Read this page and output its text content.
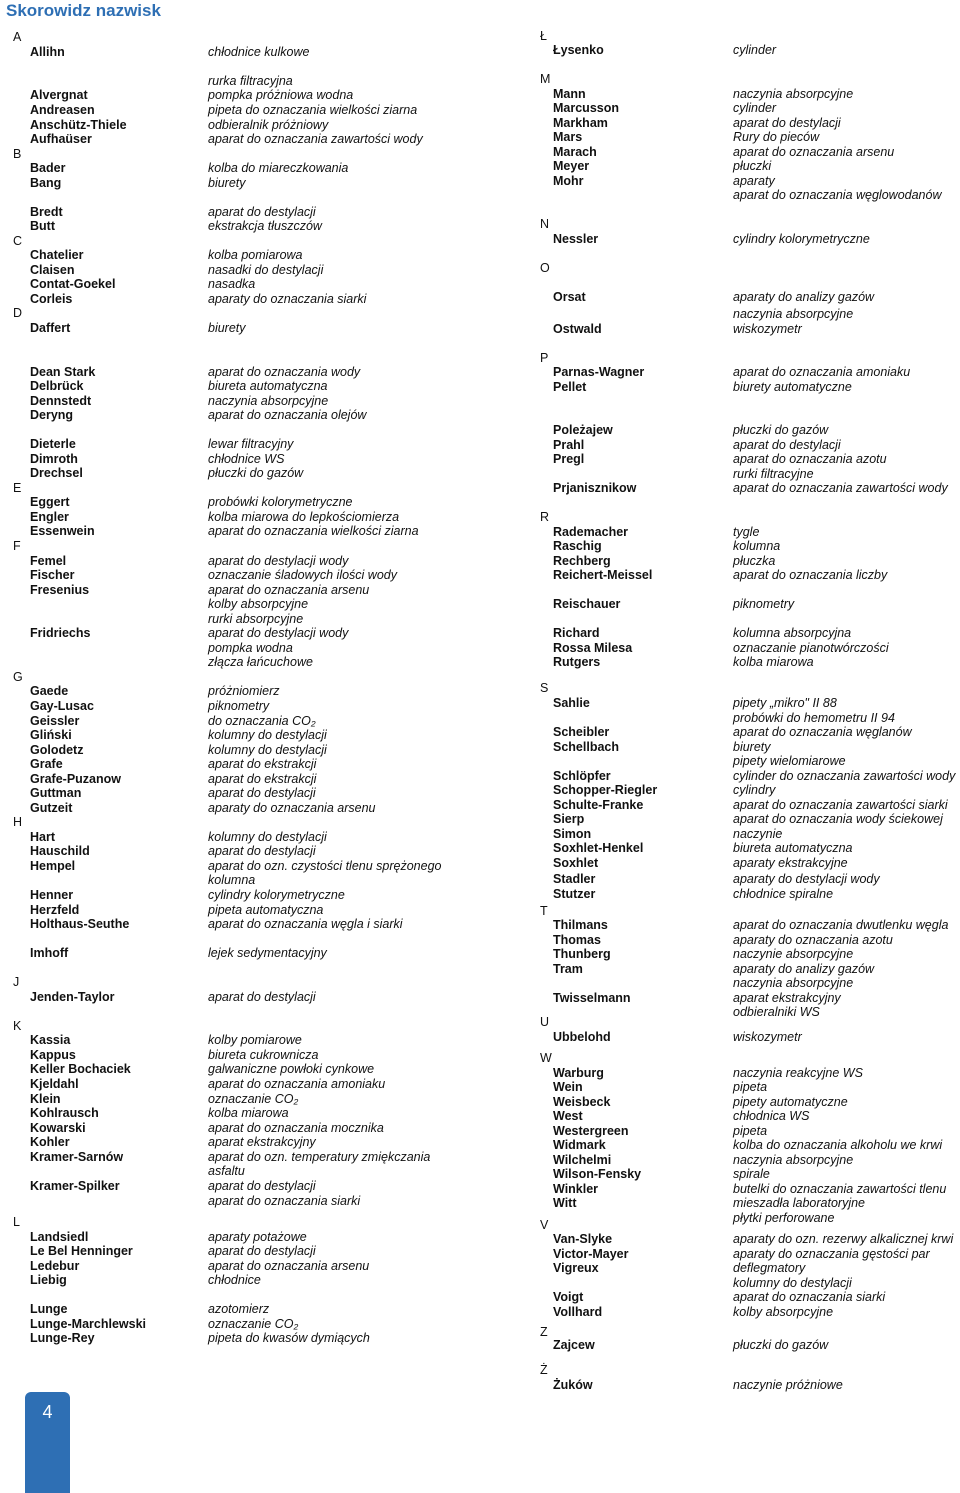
Skorowidz nazwisk
A
Allihn	chłodnice kulkowe
rurka filtracyjna
Alvergnat	pompka próżniowa wodna
Andreasen	pipeta do oznaczania wielkości ziarna
Anschütz-Thiele	odbieralnik próżniowy
Aufhaüser	aparat do oznaczania zawartości wody
B
Bader	kolba do miareczkowania
Bang	biurety
Bredt	aparat do destylacji
Butt	ekstrakcja tłuszczów
C
Chatelier	kolba pomiarowa
Claisen	nasadki do destylacji
Contat-Goekel	nasadka
Corleis	aparaty do oznaczania siarki
D
Daffert	biurety
Dean Stark	aparat do oznaczania wody
Delbrück	biureta automatyczna
Dennstedt	naczynia absorpcyjne
Deryng	aparat do oznaczania olejów
Dieterle	lewar filtracyjny
Dimroth	chłodnice WS
Drechsel	płuczki do gazów
E
Eggert	probówki kolorymetryczne
Engler	kolba miarowa do lepkościomierza
Essenwein	aparat do oznaczania wielkości ziarna
F
Femel	aparat do destylacji wody
Fischer	oznaczanie śladowych ilości wody
Fresenius	aparat do oznaczania arsenu
kolby absorpcyjne
rurki absorpcyjne
Fridriechs	aparat do destylacji wody
pompka wodna
złącza łańcuchowe
G
Gaede	próżniomierz
Gay-Lusac	piknometry
Geissler	do oznaczania CO₂
Gliński	kolumny do destylacji
Golodetz	kolumny do destylacji
Grafe	aparat do ekstrakcji
Grafe-Puzanow	aparat do ekstrakcji
Guttman	aparat do destylacji
Gutzeit	aparaty do oznaczania arsenu
H
Hart	kolumny do destylacji
Hauschild	aparat do destylacji
Hempel	aparat do ozn. czystości tlenu sprężonego
kolumna
Henner	cylindry kolorymetryczne
Herzfeld	pipeta automatyczna
Holthaus-Seuthe	aparat do oznaczania węgla i siarki
Imhoff	lejek sedymentacyjny
J
Jenden-Taylor	aparat do destylacji
K
Kassia	kolby pomiarowe
Kappus	biureta cukrownicza
Keller Bochaciek	galwaniczne powłoki cynkowe
Kjeldahl	aparat do oznaczania amoniaku
Klein	oznaczanie CO₂
Kohlrausch	kolba miarowa
Kowarski	aparat do oznaczania mocznika
Kohler	aparat ekstrakcyjny
Kramer-Sarnów	aparat do ozn. temperatury zmiękczania
asfaltu
Kramer-Spilker	aparat do destylacji
aparat do oznaczania siarki
L
Landsiedl	aparaty potażowe
Le Bel Henninger	aparat do destylacji
Ledebur	aparat do oznaczania arsenu
Liebig	chłodnice
Lunge	azotomierz
Lunge-Marchlewski	oznaczanie CO₂
Lunge-Rey	pipeta do kwasów dymiących
Ł
Łysenko	cylinder
M
Mann	naczynia absorpcyjne
Marcusson	cylinder
Markham	aparat do destylacji
Mars	Rury do pieców
Marach	aparat do oznaczania arsenu
Meyer	płuczki
Mohr	aparaty
aparat do oznaczania węglowodanów
N
Nessler	cylindry kolorymetryczne
O
Orsat	aparaty do analizy gazów
naczynia absorpcyjne
Ostwald	wiskozymetr
P
Parnas-Wagner	aparat do oznaczania amoniaku
Pellet	biurety automatyczne
Poleżajew	płuczki do gazów
Prahl	aparat do destylacji
Pregl	aparat do oznaczania azotu
rurki filtracyjne
Prjanisznikow	aparat do oznaczania zawartości wody
R
Rademacher	tygle
Raschig	kolumna
Rechberg	płuczka
Reichert-Meissel	aparat do oznaczania liczby
Reischauer	piknometry
Richard	kolumna absorpcyjna
Rossa Milesa	oznaczanie pianotwórczości
Rutgers	kolba miarowa
S
Sahlie	pipety „mikro" II 88
probówki do hemometru II 94
Scheibler	aparat do oznaczania węglanów
Schellbach	biurety
pipety wielomiarowe
Schlöpfer	cylinder do oznaczania zawartości wody
Schopper-Riegler	cylindry
Schulte-Franke	aparat do oznaczania zawartości siarki
Sierp	aparat do oznaczania wody ściekowej
Simon	naczynie
Soxhlet-Henkel	biureta automatyczna
Soxhlet	aparaty ekstrakcyjne
Stadler	aparaty do destylacji wody
Stutzer	chłodnice spiralne
T
Thilmans	aparat do oznaczania dwutlenku węgla
Thomas	aparaty do oznaczania azotu
Thunberg	naczynie absorpcyjne
Tram	aparaty do analizy gazów
naczynia absorpcyjne
Twisselmann	aparat ekstrakcyjny
odbieralniki WS
U
Ubbelohd	wiskozymetr
W
Warburg	naczynia reakcyjne WS
Wein	pipeta
Weisbeck	pipety automatyczne
West	chłodnica WS
Westergreen	pipeta
Widmark	kolba do oznaczania alkoholu we krwi
Wilchelmi	naczynia absorpcyjne
Wilson-Fensky	spirale
Winkler	butelki do oznaczania zawartości tlenu
Witt	mieszadła laboratoryjne
płytki perforowane
V
Van-Slyke	aparaty do ozn. rezerwy alkalicznej krwi
Victor-Mayer	aparaty do oznaczania gęstości par
Vigreux	deflegmatory
kolumny do destylacji
Voigt	aparat do oznaczania siarki
Vollhard	kolby absorpcyjne
Z
Zajcew	płuczki do gazów
Ż
Żuków	naczynie próżniowe
4
